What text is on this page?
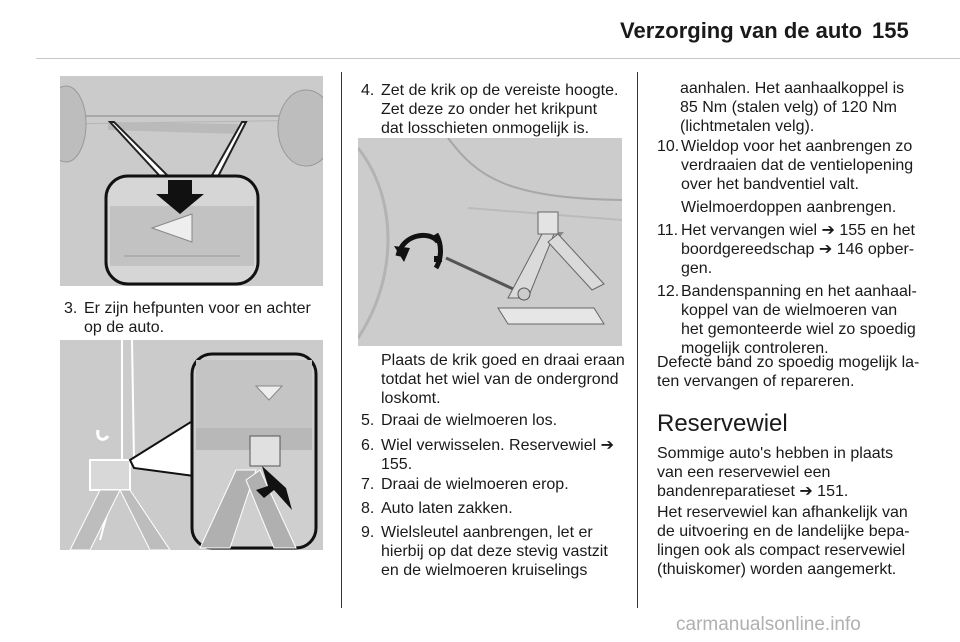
Verzorging van de auto 155
3. Er zijn hefpunten voor en achter op de auto.
4. Zet de krik op de vereiste hoogte. Zet deze zo onder het krikpunt dat losschieten onmogelijk is.
Plaats de krik goed en draai eraan totdat het wiel van de ondergrond loskomt.
5. Draai de wielmoeren los.
6. Wiel verwisselen. Reservewiel ➔ 155.
7. Draai de wielmoeren erop.
8. Auto laten zakken.
9. Wielsleutel aanbrengen, let er hierbij op dat deze stevig vastzit en de wielmoeren kruiselings
aanhalen. Het aanhaalkoppel is 85 Nm (stalen velg) of 120 Nm (lichtmetalen velg).
10. Wieldop voor het aanbrengen zo verdraaien dat de ventielopening over het bandventiel valt.
Wielmoerdoppen aanbrengen.
11. Het vervangen wiel ➔ 155 en het boordgereedschap ➔ 146 opbergen.
12. Bandenspanning en het aanhaalkoppel van de wielmoeren van het gemonteerde wiel zo spoedig mogelijk controleren.
Defecte band zo spoedig mogelijk laten vervangen of repareren.
Reservewiel
Sommige auto's hebben in plaats van een reservewiel een bandenreparatieset ➔ 151.
Het reservewiel kan afhankelijk van de uitvoering en de landelijke bepalingen ook als compact reservewiel (thuiskomer) worden aangemerkt.
carmanualsonline.info
